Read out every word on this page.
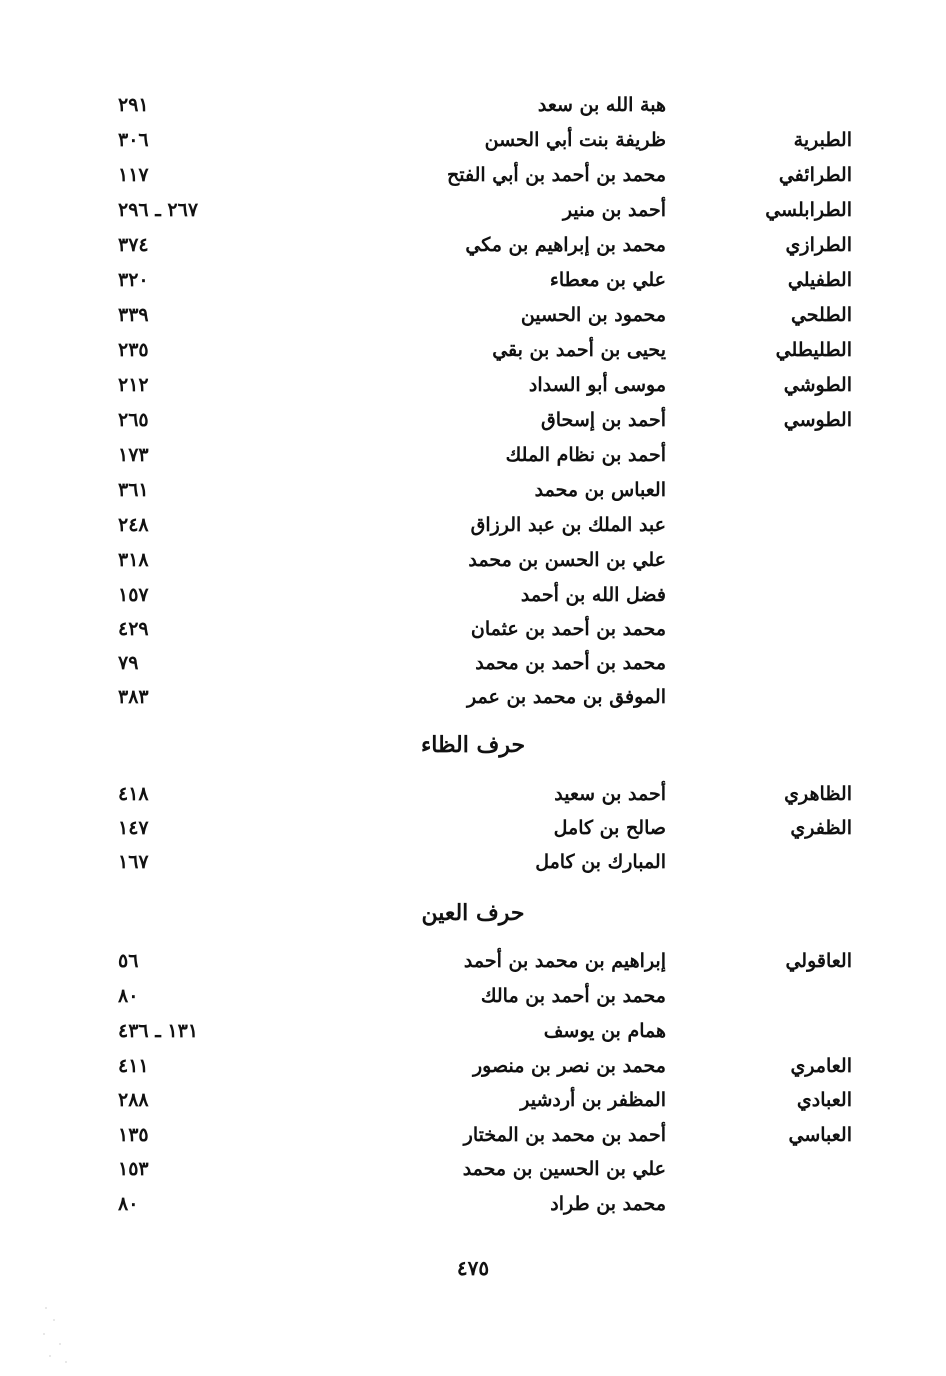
هبة الله بن سعد
٢٩١
الطبرية
ظريفة بنت أبي الحسن
٣٠٦
الطرائفي
محمد بن أحمد بن أبي الفتح
١١٧
الطرابلسي
أحمد بن منير
٢٦٧ ـ ٢٩٦
الطرازي
محمد بن إبراهيم بن مكي
٣٧٤
الطفيلي
علي بن معطاء
٣٢٠
الطلحي
محمود بن الحسين
٣٣٩
الطليطلي
يحيى بن أحمد بن بقي
٢٣٥
الطوشي
موسى أبو السداد
٢١٢
الطوسي
أحمد بن إسحاق
٢٦٥
أحمد بن نظام الملك
١٧٣
العباس بن محمد
٣٦١
عبد الملك بن عبد الرزاق
٢٤٨
علي بن الحسن بن محمد
٣١٨
فضل الله بن أحمد
١٥٧
محمد بن أحمد بن عثمان
٤٢٩
محمد بن أحمد بن محمد
٧٩
الموفق بن محمد بن عمر
٣٨٣
حرف الظاء
الظاهري
أحمد بن سعيد
٤١٨
الظفري
صالح بن كامل
١٤٧
المبارك بن كامل
١٦٧
حرف العين
العاقولي
إبراهيم بن محمد بن أحمد
٥٦
محمد بن أحمد بن مالك
٨٠
همام بن يوسف
١٣١ ـ ٤٣٦
العامري
محمد بن نصر بن منصور
٤١١
العبادي
المظفر بن أردشير
٢٨٨
العباسي
أحمد بن محمد بن المختار
١٣٥
علي بن الحسين بن محمد
١٥٣
محمد بن طراد
٨٠
٤٧٥
